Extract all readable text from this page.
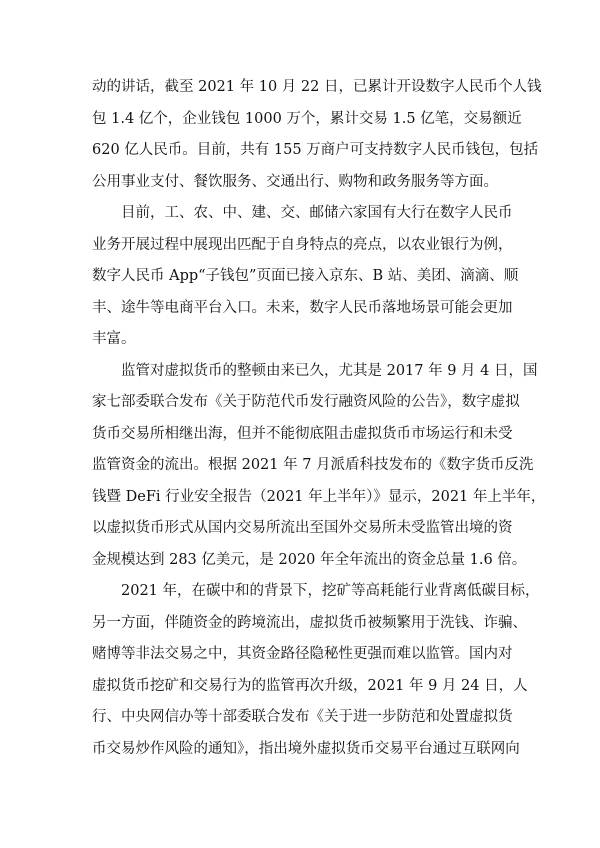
动的讲话，截至 2021 年 10 月 22 日，已累计开设数字人民币个人钱
包 1.4 亿个，企业钱包 1000 万个，累计交易 1.5 亿笔，交易额近
620 亿人民币。目前，共有 155 万商户可支持数字人民币钱包，包括
公用事业支付、餐饮服务、交通出行、购物和政务服务等方面。
目前，工、农、中、建、交、邮储六家国有大行在数字人民币
业务开展过程中展现出匹配于自身特点的亮点，以农业银行为例，
数字人民币 App“子钱包”页面已接入京东、B 站、美团、滴滴、顺
丰、途牛等电商平台入口。未来，数字人民币落地场景可能会更加
丰富。
监管对虚拟货币的整顿由来已久，尤其是 2017 年 9 月 4 日，国
家七部委联合发布《关于防范代币发行融资风险的公告》，数字虚拟
货币交易所相继出海，但并不能彻底阻击虚拟货币市场运行和未受
监管资金的流出。根据 2021 年 7 月派盾科技发布的《数字货币反洗
钱暨 DeFi 行业安全报告（2021 年上半年）》显示，2021 年上半年，
以虚拟货币形式从国内交易所流出至国外交易所未受监管出境的资
金规模达到 283 亿美元，是 2020 年全年流出的资金总量 1.6 倍。
2021 年，在碳中和的背景下，挖矿等高耗能行业背离低碳目标，
另一方面，伴随资金的跨境流出，虚拟货币被频繁用于洗钱、诈骗、
赌博等非法交易之中，其资金路径隐秘性更强而难以监管。国内对
虚拟货币挖矿和交易行为的监管再次升级，2021 年 9 月 24 日，人
行、中央网信办等十部委联合发布《关于进一步防范和处置虚拟货
币交易炒作风险的通知》，指出境外虚拟货币交易平台通过互联网向
